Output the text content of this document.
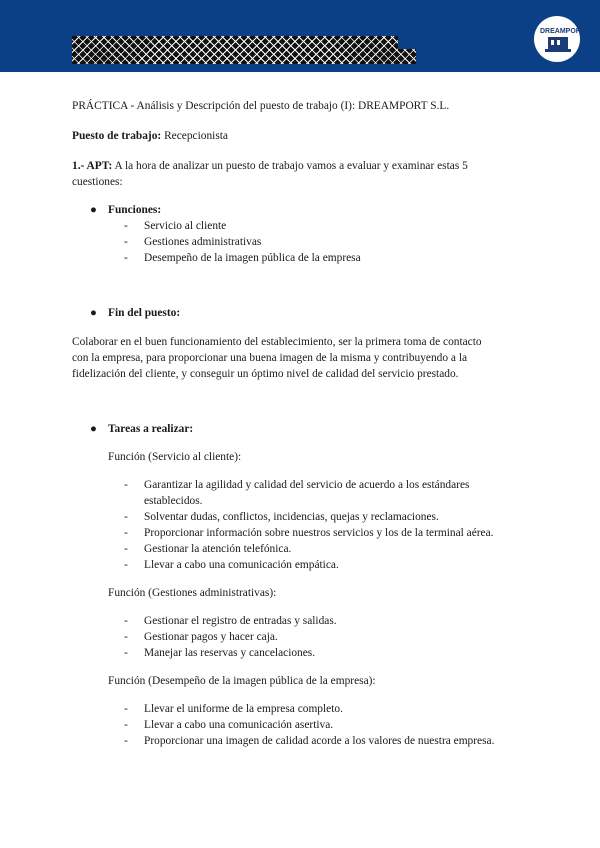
DREAMPORT
PRÁCTICA - Análisis y Descripción del puesto de trabajo (I): DREAMPORT S.L.
Puesto de trabajo: Recepcionista
1.- APT: A la hora de analizar un puesto de trabajo vamos a evaluar y examinar estas 5
cuestiones:
● Funciones:
- Servicio al cliente
- Gestiones administrativas
- Desempeño de la imagen pública de la empresa
● Fin del puesto:
Colaborar en el buen funcionamiento del establecimiento, ser la primera toma de contacto
con la empresa, para proporcionar una buena imagen de la misma y contribuyendo a la
fidelización del cliente, y conseguir un óptimo nivel de calidad del servicio prestado.
● Tareas a realizar:
Función (Servicio al cliente):
- Garantizar la agilidad y calidad del servicio de acuerdo a los estándares
establecidos.
- Solventar dudas, conflictos, incidencias, quejas y reclamaciones.
- Proporcionar información sobre nuestros servicios y los de la terminal aérea.
- Gestionar la atención telefónica.
- Llevar a cabo una comunicación empática.
Función (Gestiones administrativas):
- Gestionar el registro de entradas y salidas.
- Gestionar pagos y hacer caja.
- Manejar las reservas y cancelaciones.
Función (Desempeño de la imagen pública de la empresa):
- Llevar el uniforme de la empresa completo.
- Llevar a cabo una comunicación asertiva.
- Proporcionar una imagen de calidad acorde a los valores de nuestra empresa.
